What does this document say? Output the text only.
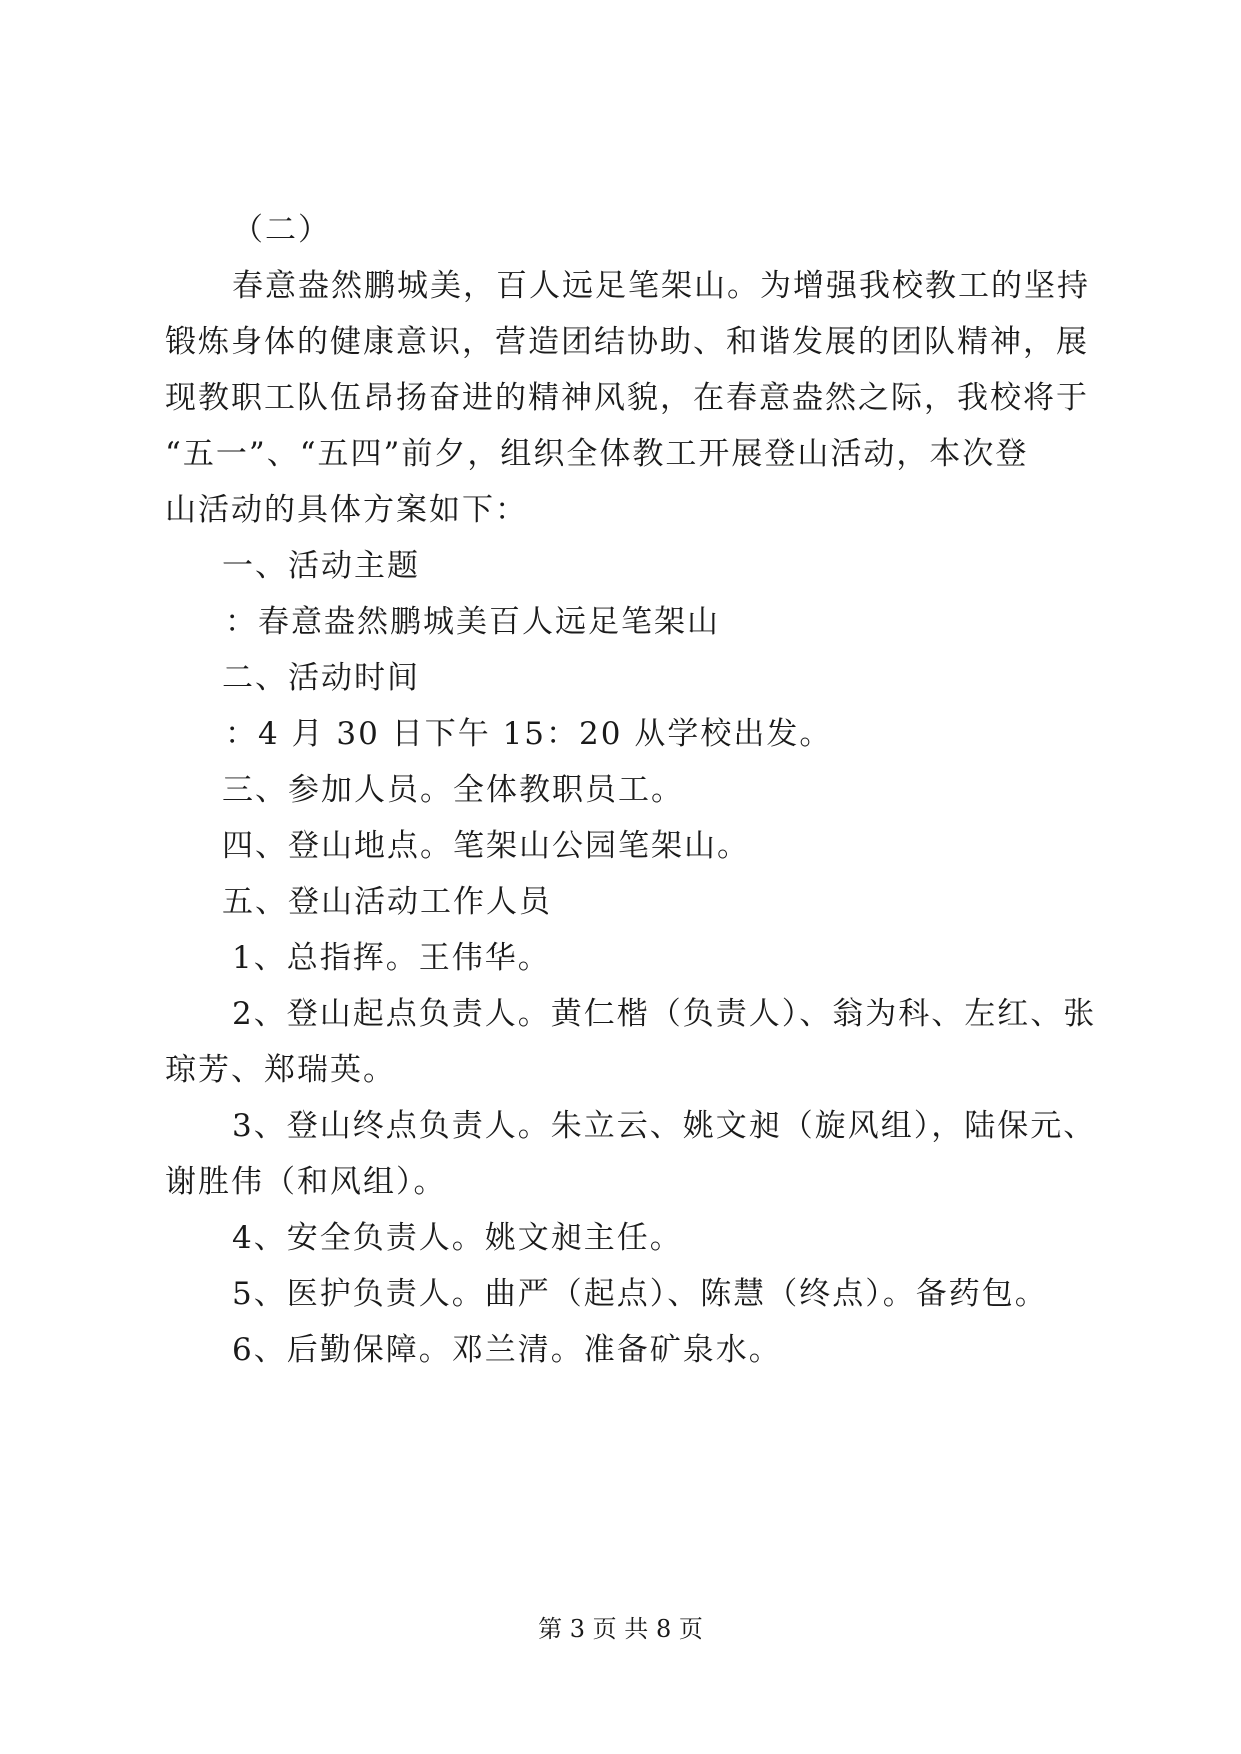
（二）
春意盎然鹏城美，百人远足笔架山。为增强我校教工的坚持
锻炼身体的健康意识，营造团结协助、和谐发展的团队精神，展
现教职工队伍昂扬奋进的精神风貌，在春意盎然之际，我校将于
“五一”、“五四”前夕，组织全体教工开展登山活动，本次登
山活动的具体方案如下：
一、活动主题
：春意盎然鹏城美百人远足笔架山
二、活动时间
：4 月 30 日下午 15：20 从学校出发。
三、参加人员。全体教职员工。
四、登山地点。笔架山公园笔架山。
五、登山活动工作人员
1、总指挥。王伟华。
2、登山起点负责人。黄仁楷（负责人）、翁为科、左红、张
琼芳、郑瑞英。
3、登山终点负责人。朱立云、姚文昶（旋风组），陆保元、
谢胜伟（和风组）。
4、安全负责人。姚文昶主任。
5、医护负责人。曲严（起点）、陈慧（终点）。备药包。
6、后勤保障。邓兰清。准备矿泉水。
第 3 页 共 8 页
